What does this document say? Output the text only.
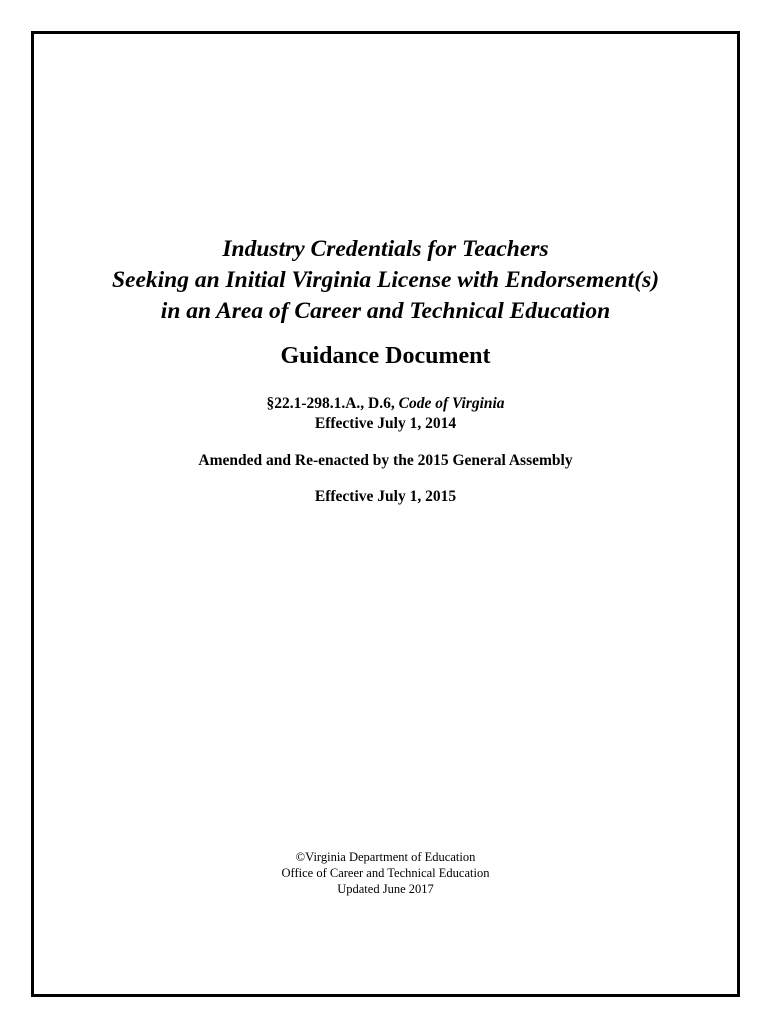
Industry Credentials for Teachers
Seeking an Initial Virginia License with Endorsement(s)
in an Area of Career and Technical Education
Guidance Document
§22.1-298.1.A., D.6, Code of Virginia
Effective July 1, 2014
Amended and Re-enacted by the 2015 General Assembly
Effective July 1, 2015
©Virginia Department of Education
Office of Career and Technical Education
Updated June 2017
